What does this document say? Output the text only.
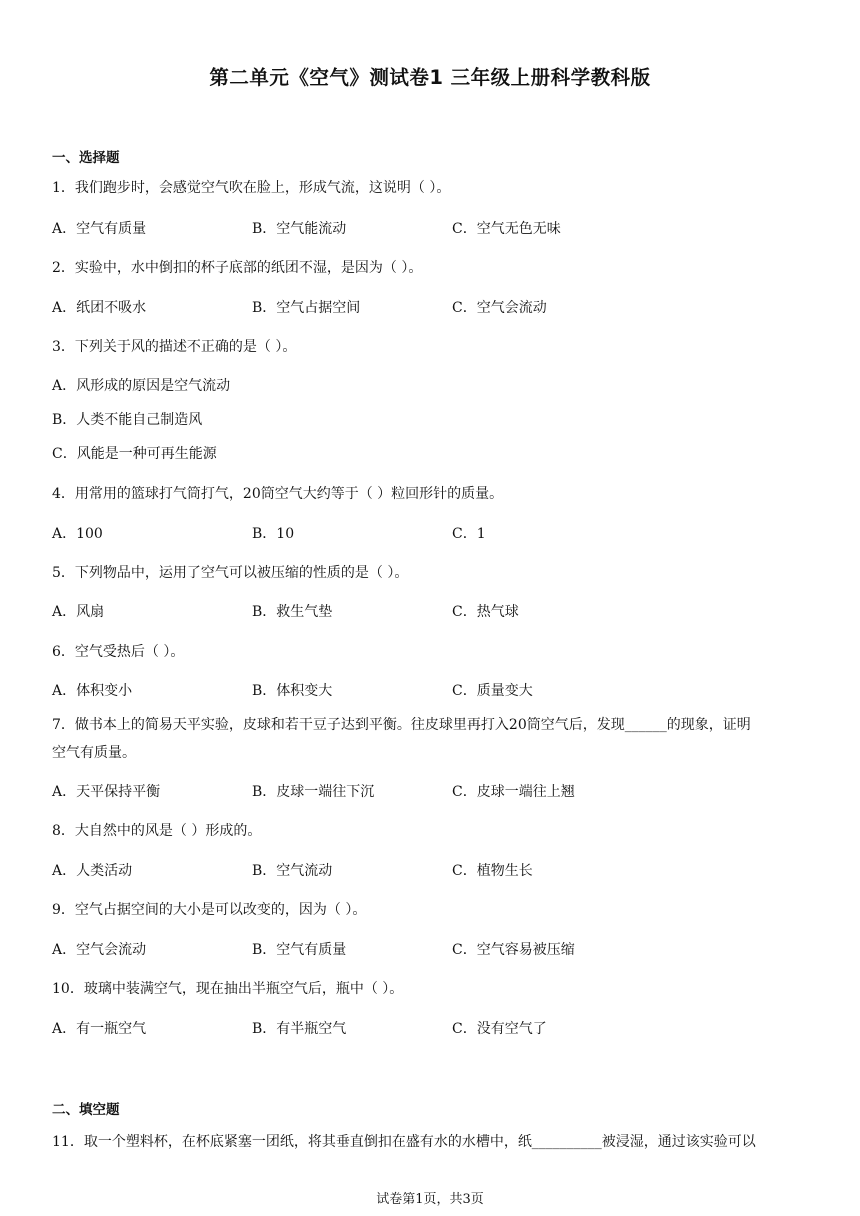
第二单元《空气》测试卷1 三年级上册科学教科版
一、选择题
1．我们跑步时，会感觉空气吹在脸上，形成气流，这说明（ ）。
A．空气有质量	B．空气能流动	C．空气无色无味
2．实验中，水中倒扣的杯子底部的纸团不湿，是因为（ ）。
A．纸团不吸水	B．空气占据空间	C．空气会流动
3．下列关于风的描述不正确的是（ ）。
A．风形成的原因是空气流动
B．人类不能自己制造风
C．风能是一种可再生能源
4．用常用的篮球打气筒打气，20筒空气大约等于（ ）粒回形针的质量。
A．100	B．10	C．1
5．下列物品中，运用了空气可以被压缩的性质的是（ ）。
A．风扇	B．救生气垫	C．热气球
6．空气受热后（ ）。
A．体积变小	B．体积变大	C．质量变大
7．做书本上的简易天平实验，皮球和若干豆子达到平衡。往皮球里再打入20筒空气后，发现______的现象，证明
空气有质量。
A．天平保持平衡	B．皮球一端往下沉	C．皮球一端往上翘
8．大自然中的风是（ ）形成的。
A．人类活动	B．空气流动	C．植物生长
9．空气占据空间的大小是可以改变的，因为（ ）。
A．空气会流动	B．空气有质量	C．空气容易被压缩
10．玻璃中装满空气，现在抽出半瓶空气后，瓶中（ ）。
A．有一瓶空气	B．有半瓶空气	C．没有空气了
二、填空题
11．取一个塑料杯，在杯底紧塞一团纸，将其垂直倒扣在盛有水的水槽中，纸__________被浸湿，通过该实验可以
试卷第1页，共3页
